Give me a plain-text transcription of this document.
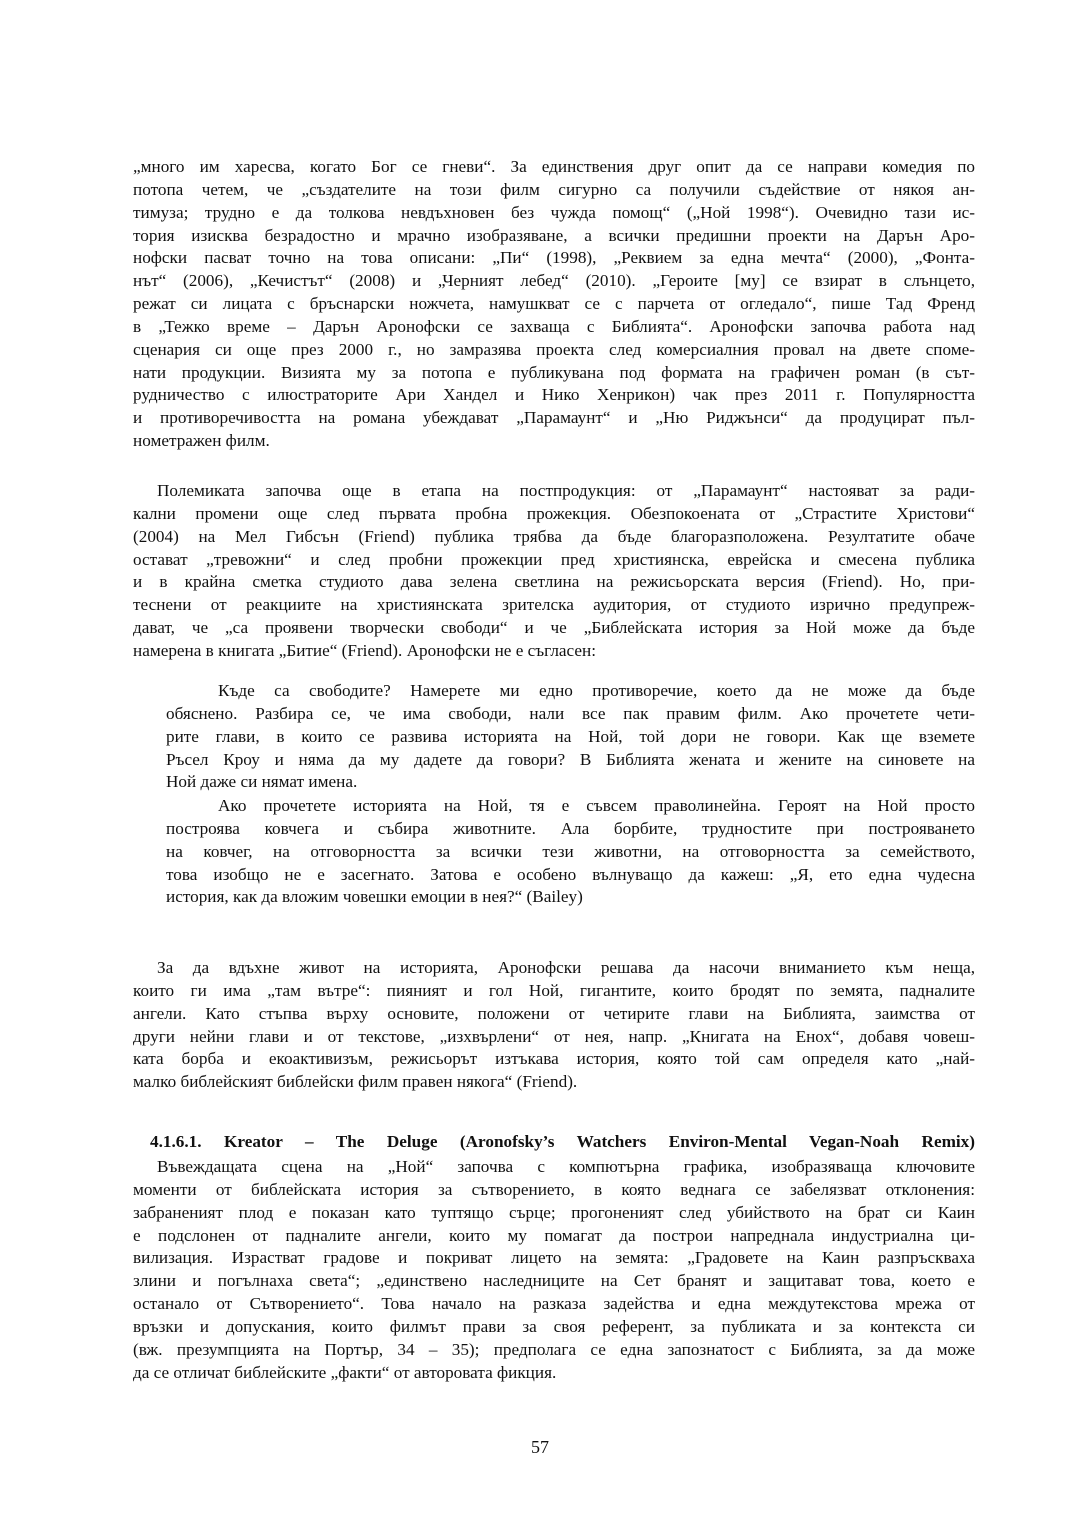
„много им харесва, когато Бог се гневи“. За единствения друг опит да се направи комедия по
потопа четем, че „създателите на този филм сигурно са получили съдействие от някоя ан-
тимуза; трудно е да толкова невдъхновен без чужда помощ“ („Ной 1998“). Очевидно тази ис-
тория изисква безрадостно и мрачно изобразяване, а всички предишни проекти на Дарън Аро-
нофски пасват точно на това описани: „Пи“ (1998), „Реквием за една мечта“ (2000), „Фонта-
нът“ (2006), „Кечистът“ (2008) и „Черният лебед“ (2010). „Героите [му] се взират в слънцето,
режат си лицата с бръснарски ножчета, намушкват се с парчета от огледало“, пише Тад Френд
в „Тежко време – Дарън Аронофски се захваща с Библията“. Аронофски започва работа над
сценария си още през 2000 г., но замразява проекта след комерсиалния провал на двете споме-
нати продукции. Визията му за потопа е публикувана под формата на графичен роман (в сът-
рудничество с илюстраторите Ари Хандел и Нико Хенрикон) чак през 2011 г. Популярността
и противоречивостта на романа убеждават „Парамаунт“ и „Ню Риджънси“ да продуцират пъл-
нометражен филм.
Полемиката започва още в етапа на постпродукция: от „Парамаунт“ настояват за ради-
кални промени още след първата пробна прожекция. Обезпокоената от „Страстите Христови“
(2004) на Мел Гибсън (Friend) публика трябва да бъде благоразположена. Резултатите обаче
остават „тревожни“ и след пробни прожекции пред християнска, еврейска и смесена публика
и в крайна сметка студиото дава зелена светлина на режисьорската версия (Friend). Но, при-
теснени от реакциите на християнската зрителска аудитория, от студиото изрично предупреж-
дават, че „са проявени творчески свободи“ и че „Библейската история за Ной може да бъде
намерена в книгата „Битие“ (Friend). Аронофски не е съгласен:
Къде са свободите? Намерете ми едно противоречие, което да не може да бъде
обяснено. Разбира се, че има свободи, нали все пак правим филм. Ако прочетете чети-
рите глави, в които се развива историята на Ной, той дори не говори. Как ще вземете
Ръсел Кроу и няма да му дадете да говори? В Библията жената и жените на синовете на
Ной даже си нямат имена.
Ако прочетете историята на Ной, тя е съвсем праволинейна. Героят на Ной просто
построява ковчега и събира животните. Ала борбите, трудностите при построяването
на ковчег, на отговорността за всички тези животни, на отговорността за семейството,
това изобщо не е засегнато. Затова е особено вълнуващо да кажеш: „Я, ето една чудесна
история, как да вложим човешки емоции в нея?“ (Bailey)
За да вдъхне живот на историята, Аронофски решава да насочи вниманието към неща,
които ги има „там вътре“: пияният и гол Ной, гигантите, които бродят по земята, падналите
ангели. Като стъпва върху основите, положени от четирите глави на Библията, заимства от
други нейни глави и от текстове, „изхвърлени“ от нея, напр. „Книгата на Енох“, добавя човеш-
ката борба и екоактивизъм, режисьорът изтъкава история, която той сам определя като „най-
малко библейският библейски филм правен някога“ (Friend).
4.1.6.1. Kreator – The Deluge (Aronofsky’s Watchers Environ-Mental Vegan-Noah Remix)
Въвеждащата сцена на „Ной“ започва с компютърна графика, изобразяваща ключовите
моменти от библейската история за сътворението, в която веднага се забелязват отклонения:
забраненият плод е показан като туптящо сърце; прогоненият след убийството на брат си Каин
е подслонен от падналите ангели, които му помагат да построи напреднала индустриална ци-
вилизация. Израстват градове и покриват лицето на земята: „Градовете на Каин разпръскваха
злини и погълнаха света“; „единствено наследниците на Сет бранят и защитават това, което е
останало от Сътворението“. Това начало на разказа задейства и една междутекстова мрежа от
връзки и допускания, които филмът прави за своя референт, за публиката и за контекста си
(вж. презумпцията на Портър, 34 – 35); предполага се една запознатост с Библията, за да може
да се отличат библейските „факти“ от авторовата фикция.
57
